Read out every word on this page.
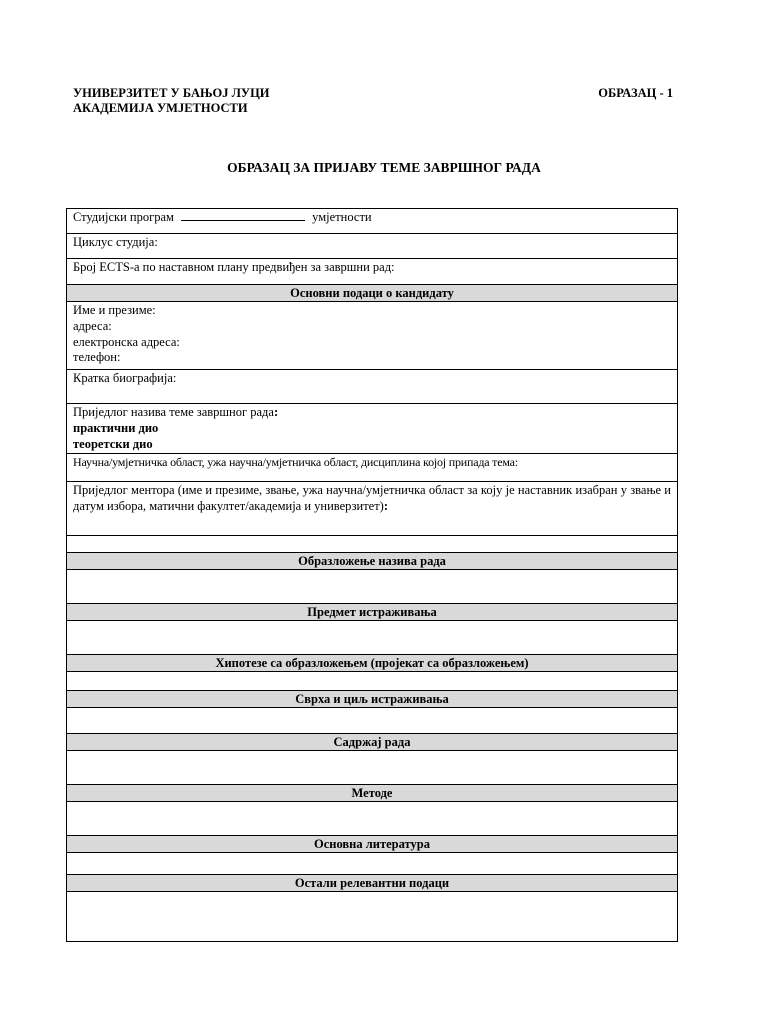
УНИВЕРЗИТЕТ У БАЊОЈ ЛУЦИ
АКАДЕМИЈА УМЈЕТНОСТИ
ОБРАЗАЦ - 1
ОБРАЗАЦ ЗА ПРИЈАВУ ТЕМЕ ЗАВРШНОГ РАДА
Студијски програм	умјетности
Циклус студија:
Број ECTS-а по наставном плану предвиђен за завршни рад:
Основни подаци о кандидату

Име и презиме:
адреса:
електронска адреса:
телефон:

Кратка биографија:

Приједлог назива теме завршног рада:
практични дио
теоретски дио

Научна/умјетничка област, ужа научна/умјетничка област, дисциплина којој припада тема:
Приједлог ментора (име и презиме, звање, ужа научна/умјетничка област за коју је наставник изабран у звање и датум избора, матични факултет/академија и универзитет):

Образложење назива рада

Предмет истраживања

Хипотезе са образложењем (пројекат са образложењем)

Сврха и циљ истраживања

Садржај рада

Методе

Основна литература

Остали релевантни подаци
